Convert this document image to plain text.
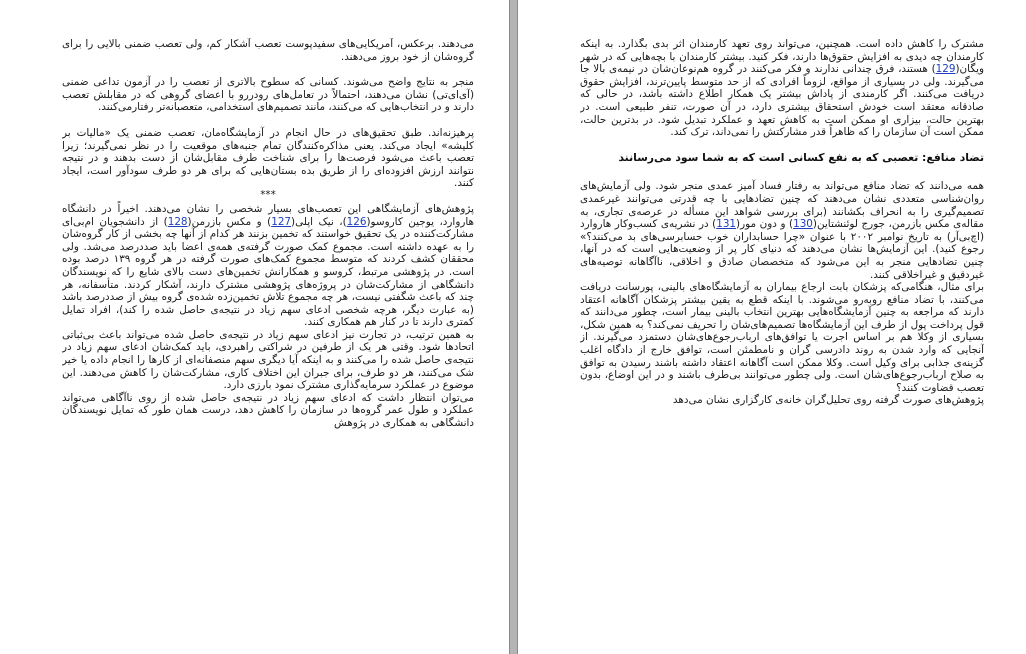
می‌دهند. برعکس، آمریکایی‌های سفیدپوست تعصب آشکار کم، ولی تعصب ضمنی بالایی را برای گروه‌شان از خود بروز می‌دهند.

منجر به نتایج واضح می‌شوند. کسانی که سطوح بالاتری از تعصب را در آزمون تداعی ضمنی (آی‌ای‌تی) نشان می‌دهند، احتمالاً در تعامل‌های رودررو با اعضای گروهی که در مقابلش تعصب دارند و در انتخاب‌هایی که می‌کنند، مانند تصمیم‌های استخدامی، متعصبانه‌تر رفتارمی‌کنند.

پرهیزنه‌اند. طبق تحقیق‌های در حال انجام در آزمایشگاه‌مان، تعصب ضمنی یک «مالیات بر کلیشه» ایجاد می‌کند. یعنی مذاکره‌کنندگان تمام جنبه‌های موقعیت را در نظر نمی‌گیرند؛ زیرا تعصب باعث می‌شود فرصت‌ها را برای شناخت طرف مقابل‌شان از دست بدهند و در نتیجه نتوانند ارزش افزوده‌ای را از طریق بده بستان‌هایی که برای هر دو طرف سودآور است، ایجاد کنند.

***

پژوهش‌های آزمایشگاهی این تعصب‌های بسیار شخصی را نشان می‌دهند. اخیراً در دانشگاه هاروارد، یوجین کاروسو(126)، نیک اپلی(127) و مکس بازرمن(128) از دانشجویان ام‌بی‌ای مشارکت‌کننده در یک تحقیق خواستند که تخمین بزنند هر کدام از آنها چه بخشی از کار گروه‌شان را به عهده داشته است. مجموع کمک صورت گرفته‌ی همه‌ی اعضا باید صددرصد می‌شد. ولی محققان کشف کردند که متوسط مجموع کمک‌های صورت گرفته در هر گروه ۱۳۹ درصد بوده است. در پژوهشی مرتبط، کروسو و همکارانش تخمین‌های دست بالای شایع را که نویسندگان دانشگاهی از مشارکت‌شان در پروژه‌های پژوهشی مشترک دارند، آشکار کردند. متأسفانه، هر چند که باعث شگفتی نیست، هر چه مجموع تلاش تخمین‌زده شده‌ی گروه بیش از صددرصد باشد (به عبارت دیگر، هرچه شخصی ادعای سهم زیاد در نتیجه‌ی حاصل شده را کند)، افراد تمایل کمتری دارند تا در کنار هم همکاری کنند.

به همین ترتیب، در تجارت نیز ادعای سهم زیاد در نتیجه‌ی حاصل شده می‌تواند باعث بی‌ثباتی اتحادها شود. وقتی هر یک از طرفین در شراکتی راهبردی، باید کمک‌شان ادعای سهم زیاد در نتیجه‌ی حاصل شده را می‌کنند و به اینکه آیا دیگری سهم منصفانه‌ای از کارها را انجام داده یا خیر شک می‌کنند، هر دو طرف، برای جبران این اختلاف کاری، مشارکت‌شان را کاهش می‌دهند. این موضوع در عملکرد سرمایه‌گذاری مشترک نمود بارزی دارد.

می‌توان انتظار داشت که ادعای سهم زیاد در نتیجه‌ی حاصل شده از روی ناآگاهی می‌تواند عملکرد و طول عمر گروه‌ها در سازمان را کاهش دهد، درست همان طور که تمایل نویسندگان دانشگاهی به همکاری در پژوهش

مشترک را کاهش داده است. همچنین، می‌تواند روی تعهد کارمندان اثر بدی بگذارد. به اینکه کارمندان چه دیدی به افزایش حقوق‌ها دارند، فکر کنید. بیشتر کارمندان با بچه‌هایی که در شهر ویگان(129) هستند، فرق چندانی ندارند و فکر می‌کنند در گروه هم‌نوعان‌شان در نیمه‌ی بالا جا می‌گیرند. ولی در بسیاری از مواقع، لزوماً افرادی که از حد متوسط پایین‌ترند، افزایش حقوق دریافت می‌کنند. اگر کارمندی از پاداش بیشتر یک همکار اطلاع داشته باشد، در حالی که صادقانه معتقد است خودش استحقاق بیشتری دارد، در آن صورت، تنفر طبیعی است. در بهترین حالت، بیزاری او ممکن است به کاهش تعهد و عملکرد تبدیل شود. در بدترین حالت، ممکن است آن سازمان را که ظاهراً قدر مشارکتش را نمی‌داند، ترک کند.

تضاد منافع: تعصبی که به نفع کسانی است که به شما سود می‌رسانند

همه می‌دانند که تضاد منافع می‌تواند به رفتار فساد آمیز عمدی منجر شود. ولی آزمایش‌های روان‌شناسی متعددی نشان می‌دهند که چنین تضادهایی با چه قدرتی می‌توانند غیرعمدی تصمیم‌گیری را به انحراف بکشانند (برای بررسی شواهد این مسأله در عرصه‌ی تجاری، به مقاله‌ی مکس بازرمن، جورج لوئنشتاین(130) و دون مور(131) در نشریه‌ی کسب‌وکار هاروارد (اچ‌بی‌آر) به تاریخ نوامبر ۲۰۰۲ با عنوان «چرا حسابداران خوب حسابرسی‌های بد می‌کنند؟» رجوع کنید). این آزمایش‌ها نشان می‌دهند که دنیای کار پر از وضعیت‌هایی است که در آنها، چنین تضادهایی منجر به این می‌شود که متخصصان صادق و اخلاقی، ناآگاهانه توصیه‌های غیردقیق و غیراخلاقی کنند.

برای مثال، هنگامی‌که پزشکان بابت ارجاع بیماران به آزمایشگاه‌های بالینی، پورسانت دریافت می‌کنند، با تضاد منافع روبه‌رو می‌شوند. با اینکه قطع به یقین بیشتر پزشکان آگاهانه اعتقاد دارند که مراجعه به چنین آزمایشگاه‌هایی بهترین انتخاب بالینی بیمار است، چطور می‌دانند که قول پرداخت پول از طرف این آزمایشگاه‌ها تصمیم‌های‌شان را تحریف نمی‌کند؟ به همین شکل، بسیاری از وکلا هم بر اساس اجرت یا توافق‌های ارباب‌رجوع‌های‌شان دستمزد می‌گیرند. از آنجایی که وارد شدن به روند دادرسی گران و نامطمئن است، توافق خارج از دادگاه اغلب گزینه‌ی جذابی برای وکیل است. وکلا ممکن است آگاهانه اعتقاد داشته باشند رسیدن به توافق به صلاح ارباب‌رجوع‌های‌شان است. ولی چطور می‌توانند بی‌طرف باشند و در این اوضاع، بدون تعصب قضاوت کنند؟

پژوهش‌های صورت گرفته روی تحلیل‌گران خانه‌ی کارگزاری نشان می‌دهد
